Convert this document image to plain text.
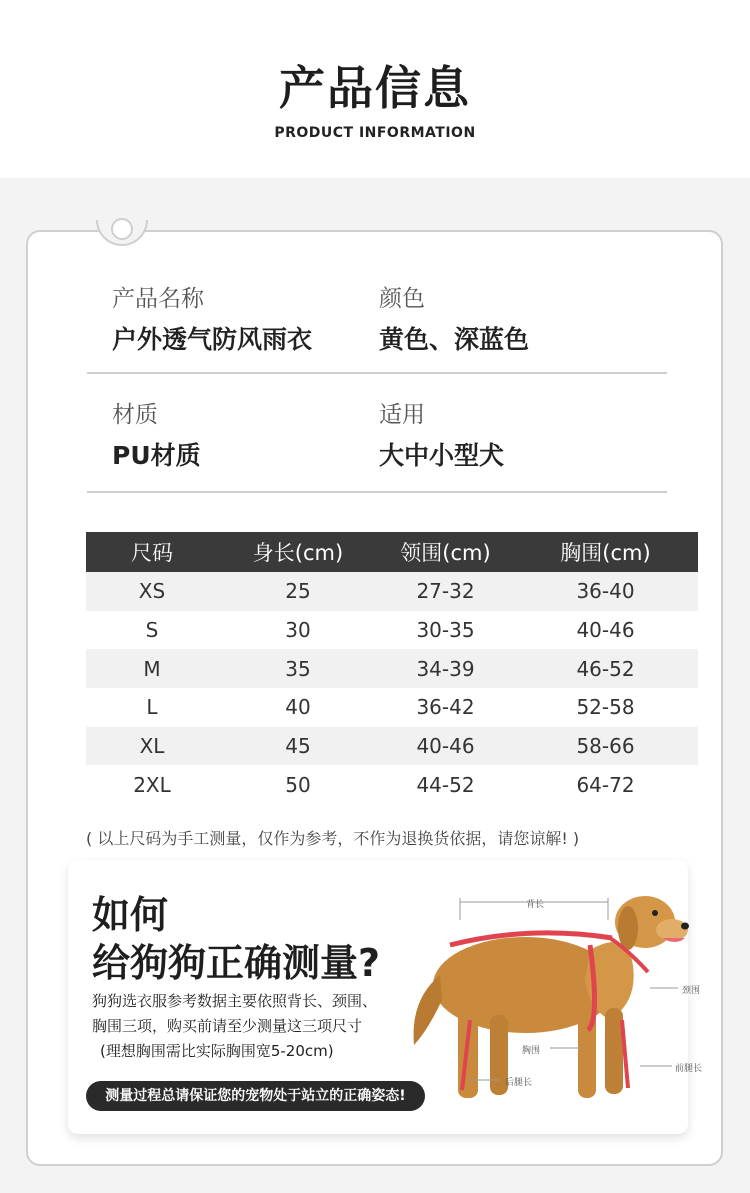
产品信息
PRODUCT INFORMATION
产品名称
户外透气防风雨衣
颜色
黄色、深蓝色
材质
PU材质
适用
大中小型犬
尺码	身长(cm)	领围(cm)	胸围(cm)
XS	25	27-32	36-40
S	30	30-35	40-46
M	35	34-39	46-52
L	40	36-42	52-58
XL	45	40-46	58-66
2XL	50	44-52	64-72
( 以上尺码为手工测量，仅作为参考，不作为退换货依据，请您谅解! )
如何
给狗狗正确测量?
狗狗选衣服参考数据主要依照背长、颈围、
胸围三项，购买前请至少测量这三项尺寸
(理想胸围需比实际胸围宽5-20cm)
测量过程总请保证您的宠物处于站立的正确姿态!
背长
颈围
胸围
后腿长
前腿长
